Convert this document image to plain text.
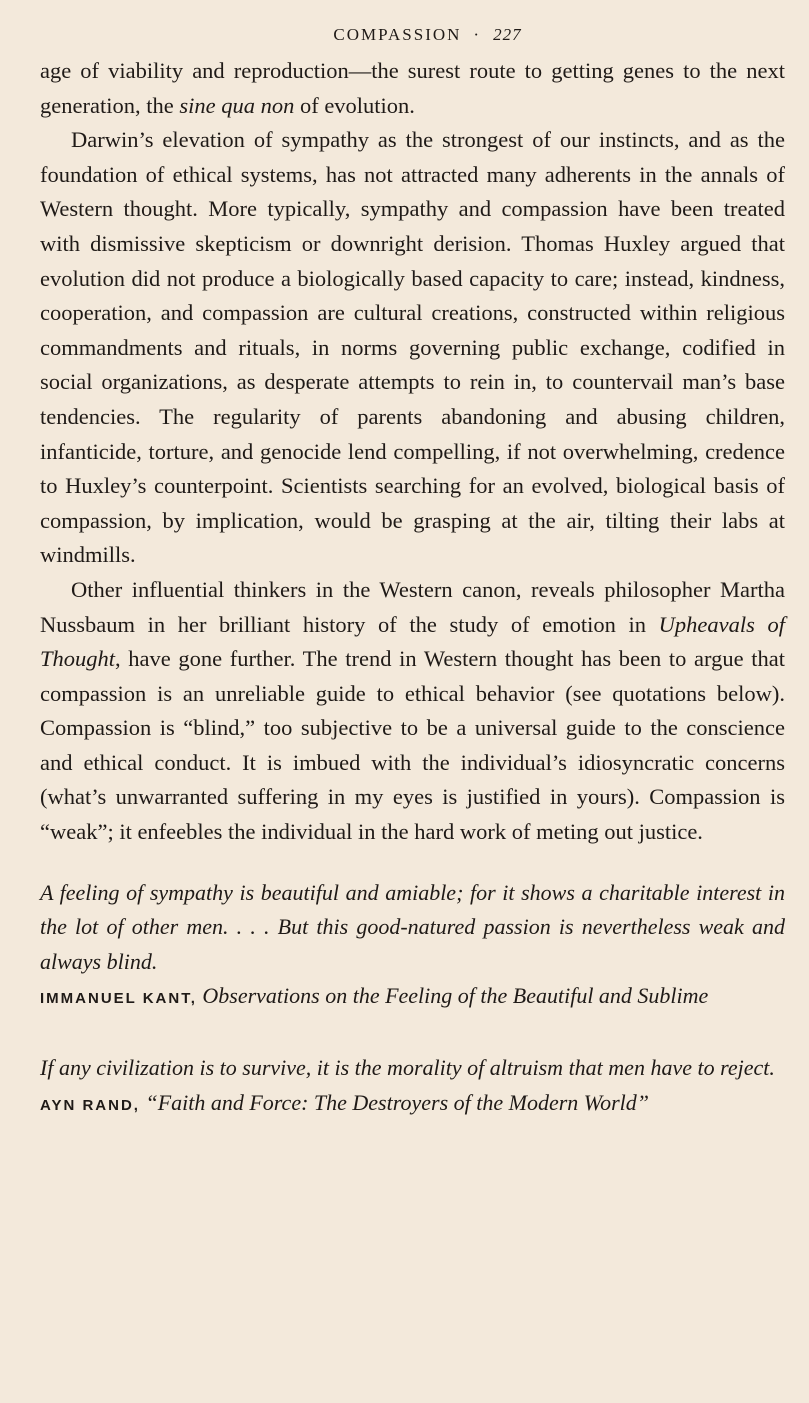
COMPASSION · 227

age of viability and reproduction—the surest route to getting genes to the next generation, the sine qua non of evolution.

Darwin’s elevation of sympathy as the strongest of our instincts, and as the foundation of ethical systems, has not attracted many adherents in the annals of Western thought. More typically, sympathy and compassion have been treated with dismissive skepticism or downright derision. Thomas Huxley argued that evolution did not produce a biologically based capacity to care; instead, kindness, cooperation, and compassion are cultural creations, constructed within religious commandments and rituals, in norms governing public exchange, codified in social organizations, as desperate attempts to rein in, to countervail man’s base tendencies. The regularity of parents abandoning and abusing children, infanticide, torture, and genocide lend compelling, if not overwhelming, credence to Huxley’s counterpoint. Scientists searching for an evolved, biological basis of compassion, by implication, would be grasping at the air, tilting their labs at windmills.

Other influential thinkers in the Western canon, reveals philosopher Martha Nussbaum in her brilliant history of the study of emotion in Upheavals of Thought, have gone further. The trend in Western thought has been to argue that compassion is an unreliable guide to ethical behavior (see quotations below). Compassion is “blind,” too subjective to be a universal guide to the conscience and ethical conduct. It is imbued with the individual’s idiosyncratic concerns (what’s unwarranted suffering in my eyes is justified in yours). Compassion is “weak”; it enfeebles the individual in the hard work of meting out justice.

A feeling of sympathy is beautiful and amiable; for it shows a charitable interest in the lot of other men. . . . But this good-natured passion is nevertheless weak and always blind.

IMMANUEL KANT, Observations on the Feeling of the Beautiful and Sublime

If any civilization is to survive, it is the morality of altruism that men have to reject.

AYN RAND, “Faith and Force: The Destroyers of the Modern World”
